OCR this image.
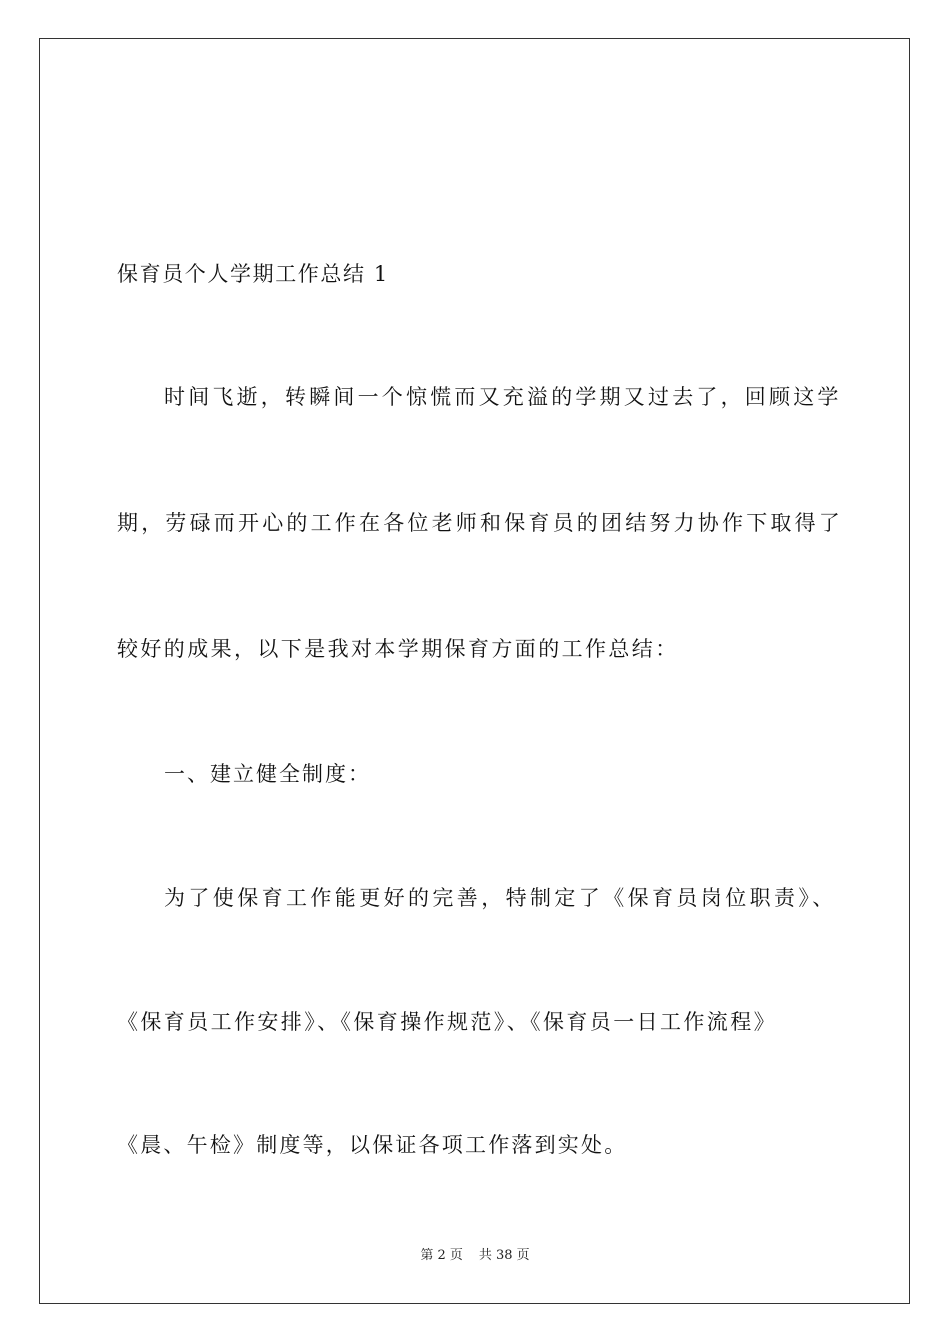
保育员个人学期工作总结 1
时间飞逝，转瞬间一个惊慌而又充溢的学期又过去了，回顾这学
期，劳碌而开心的工作在各位老师和保育员的团结努力协作下取得了
较好的成果，以下是我对本学期保育方面的工作总结：
一、建立健全制度：
为了使保育工作能更好的完善，特制定了《保育员岗位职责》、
《保育员工作安排》、《保育操作规范》、《保育员一日工作流程》
《晨、午检》制度等，以保证各项工作落到实处。
第 2 页 共 38 页
